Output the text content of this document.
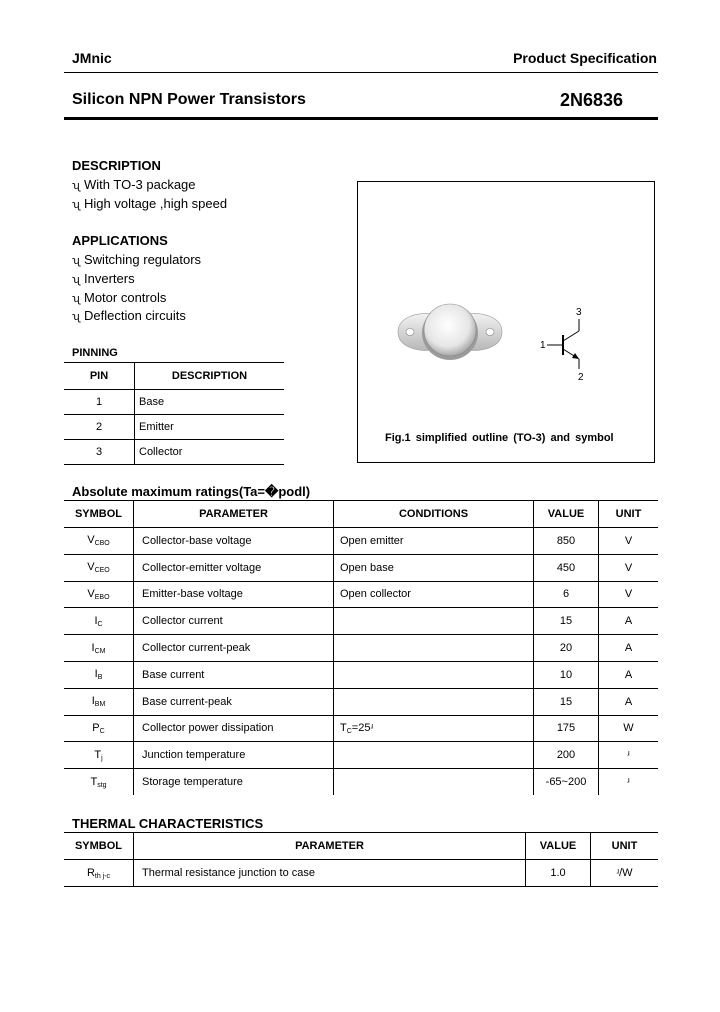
JMnic	Product Specification
Silicon NPN Power Transistors	2N6836
DESCRIPTION
ʯ With TO-3 package
ʯ High voltage ,high speed
APPLICATIONS
ʯ Switching regulators
ʯ Inverters
ʯ Motor controls
ʯ Deflection circuits
PINNING
PIN	DESCRIPTION
1	Base
2	Emitter
3	Collector
1
2
3
Fig.1 simplified outline (TO-3) and symbol
Absolute maximum ratings(Ta=�podl)
SYMBOL	PARAMETER	CONDITIONS	VALUE	UNIT
$V_{CBO}$	Collector-base voltage	Open emitter	850	V
$V_{CEO}$	Collector-emitter voltage	Open base	450	V
$V_{EBO}$	Emitter-base voltage	Open collector	6	V
$I_C$	Collector current		15	A
$I_{CM}$	Collector current-peak		20	A
$I_B$	Base current		10	A
$I_{BM}$	Base current-peak		15	A
$P_C$	Collector power dissipation	$T_C=25ʴ$	175	W
$T_j$	Junction temperature		200	ʴ
$T_{stg}$	Storage temperature		-65~200	ʴ
THERMAL CHARACTERISTICS
SYMBOL	PARAMETER	VALUE	UNIT
$R_{th j-c}$	Thermal resistance junction to case	1.0	ʴ/W
